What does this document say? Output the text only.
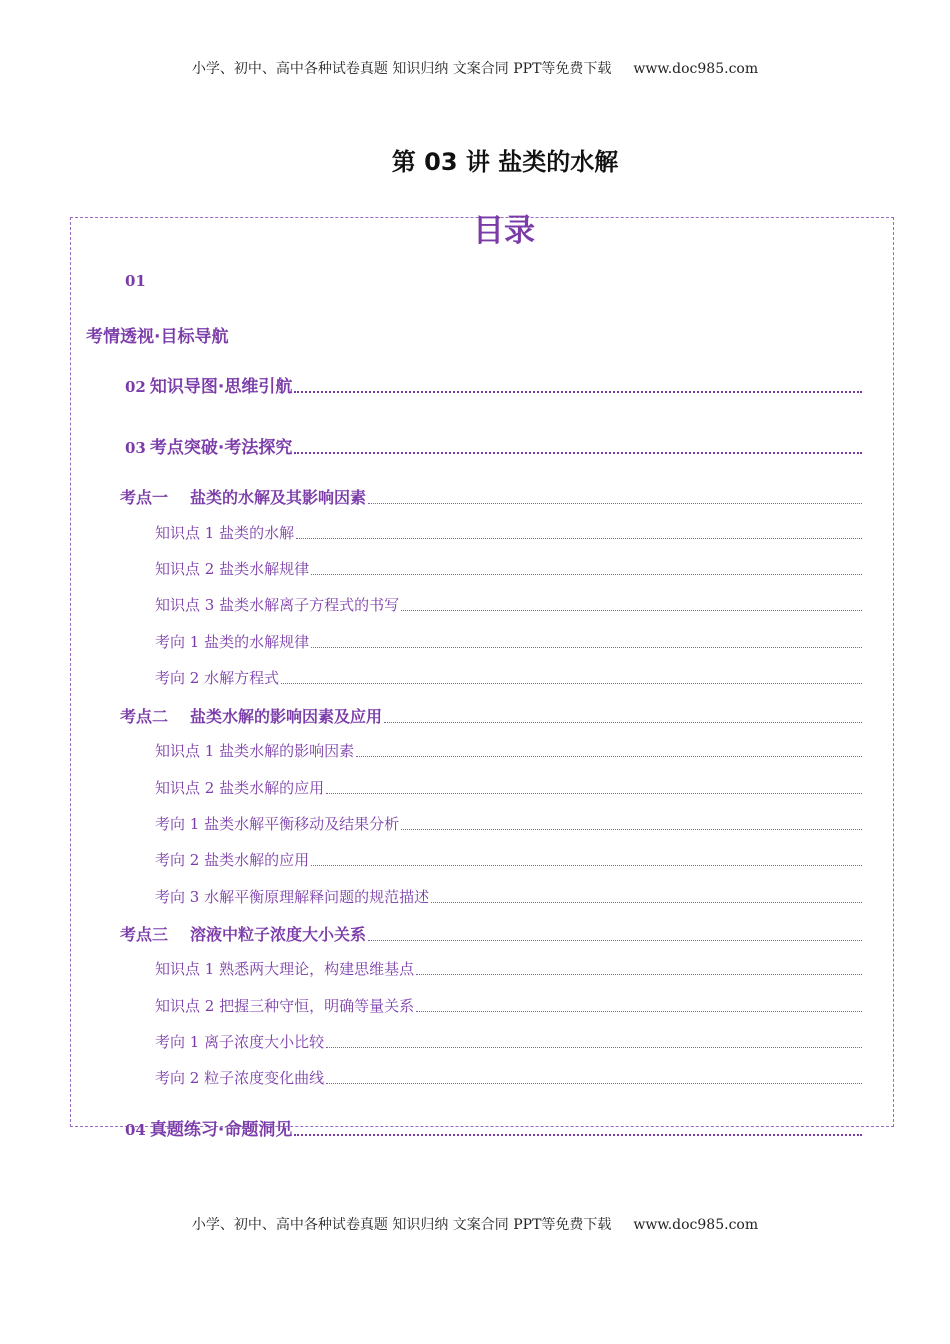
小学、初中、高中各种试卷真题 知识归纳 文案合同 PPT等免费下载 www.doc985.com
第 03 讲 盐类的水解
目录
01
考情透视·目标导航
02 知识导图·思维引航
03 考点突破·考法探究
考点一 盐类的水解及其影响因素
知识点 1 盐类的水解
知识点 2 盐类水解规律
知识点 3 盐类水解离子方程式的书写
考向 1 盐类的水解规律
考向 2 水解方程式
考点二 盐类水解的影响因素及应用
知识点 1 盐类水解的影响因素
知识点 2 盐类水解的应用
考向 1 盐类水解平衡移动及结果分析
考向 2 盐类水解的应用
考向 3 水解平衡原理解释问题的规范描述
考点三 溶液中粒子浓度大小关系
知识点 1 熟悉两大理论，构建思维基点
知识点 2 把握三种守恒，明确等量关系
考向 1 离子浓度大小比较
考向 2 粒子浓度变化曲线
04 真题练习·命题洞见
小学、初中、高中各种试卷真题 知识归纳 文案合同 PPT等免费下载 www.doc985.com
